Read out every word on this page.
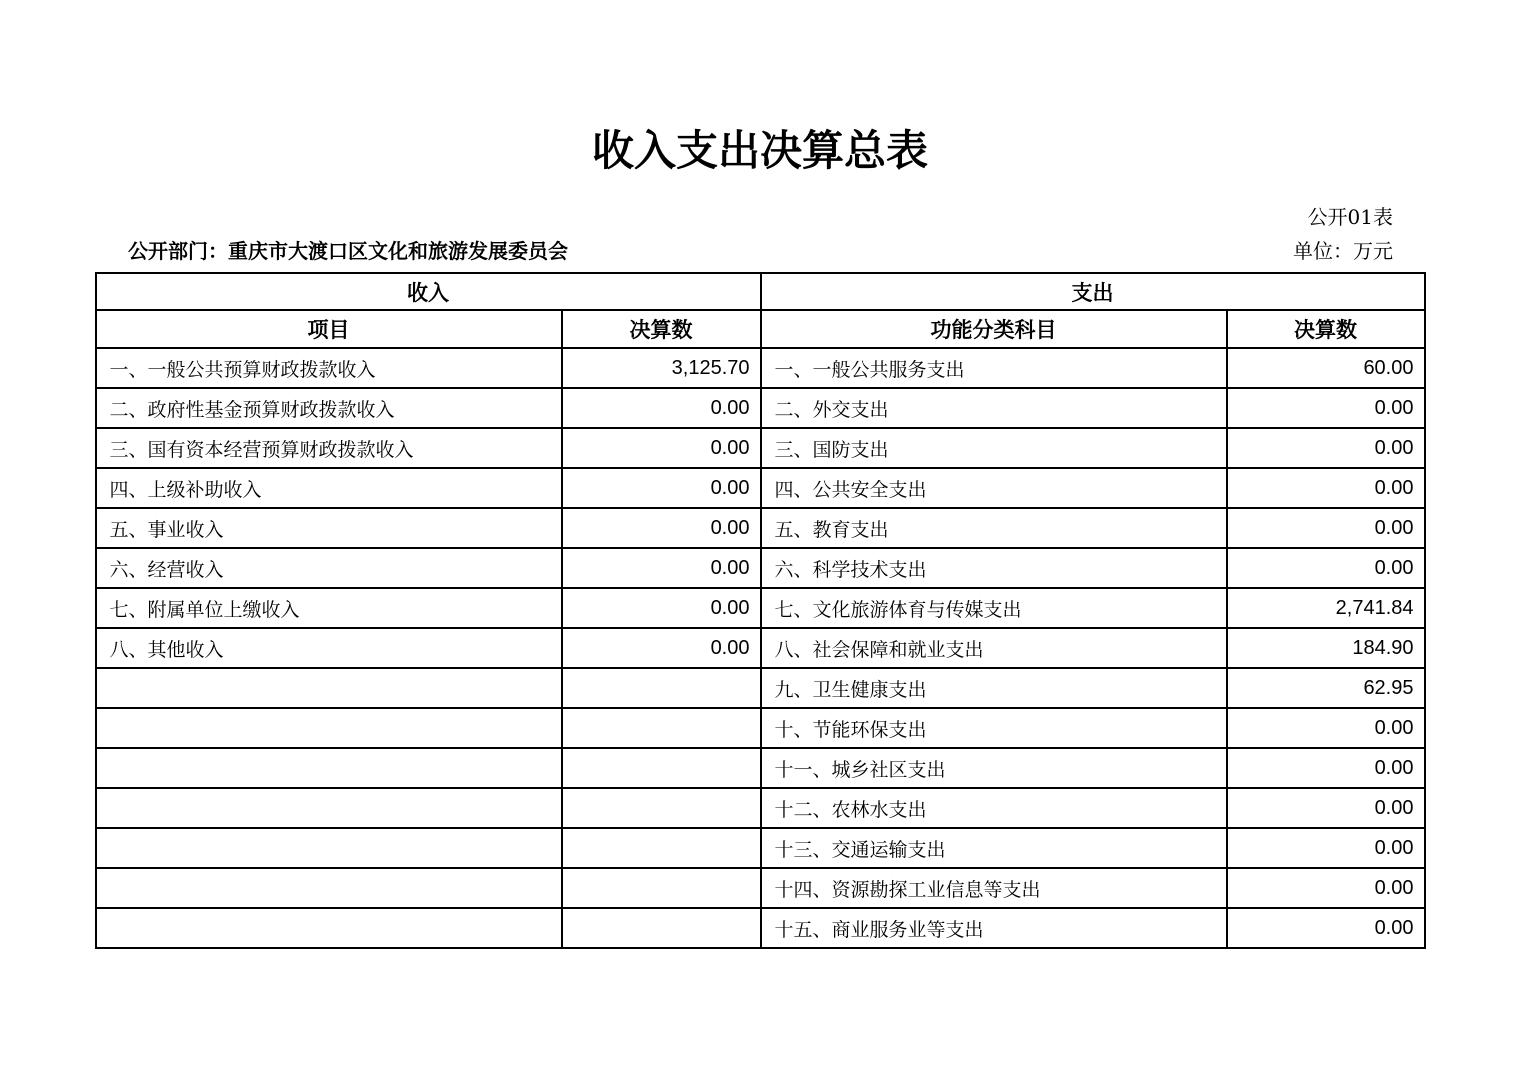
收入支出决算总表
公开01表
公开部门：重庆市大渡口区文化和旅游发展委员会	单位：万元
收入		支出	
项目	决算数	功能分类科目	决算数
一、一般公共预算财政拨款收入	3,125.70	一、一般公共服务支出	60.00
二、政府性基金预算财政拨款收入	0.00	二、外交支出	0.00
三、国有资本经营预算财政拨款收入	0.00	三、国防支出	0.00
四、上级补助收入	0.00	四、公共安全支出	0.00
五、事业收入	0.00	五、教育支出	0.00
六、经营收入	0.00	六、科学技术支出	0.00
七、附属单位上缴收入	0.00	七、文化旅游体育与传媒支出	2,741.84
八、其他收入	0.00	八、社会保障和就业支出	184.90
		九、卫生健康支出	62.95
		十、节能环保支出	0.00
		十一、城乡社区支出	0.00
		十二、农林水支出	0.00
		十三、交通运输支出	0.00
		十四、资源勘探工业信息等支出	0.00
		十五、商业服务业等支出	0.00
